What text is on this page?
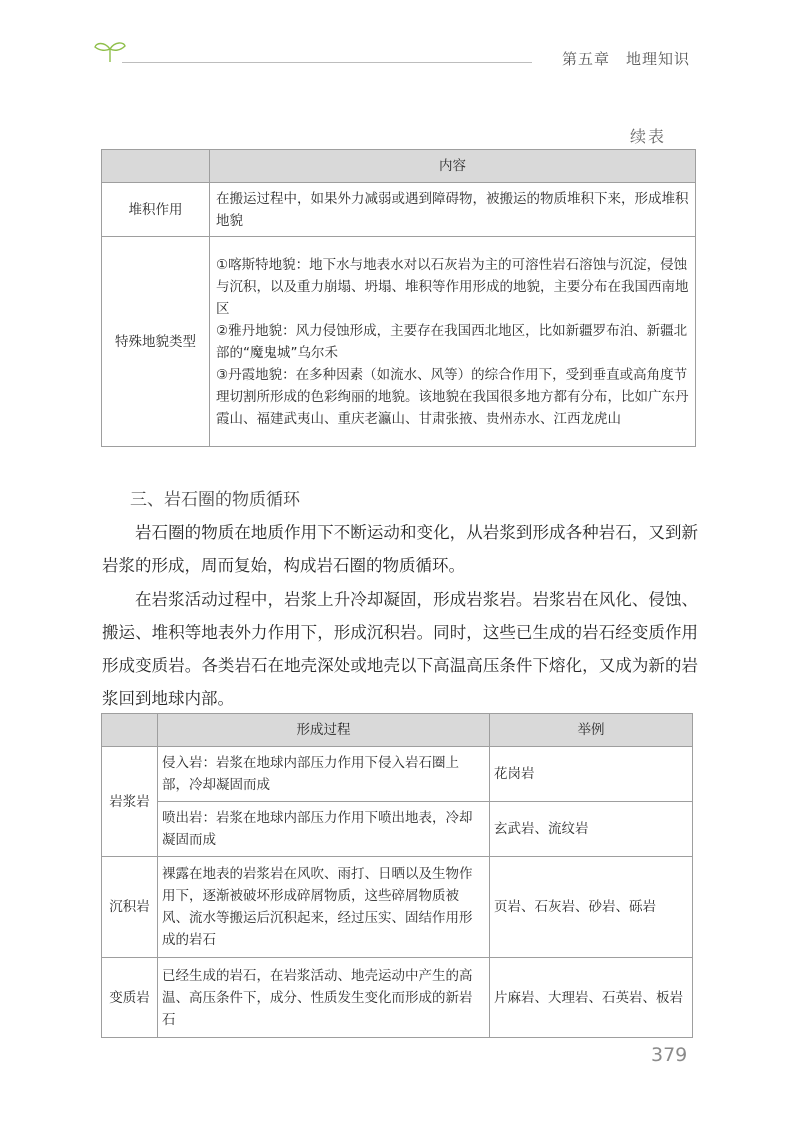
第五章　地理知识
续表
	内容
堆积作用	在搬运过程中，如果外力减弱或遇到障碍物，被搬运的物质堆积下来，形成堆积地貌

特殊地貌类型	①喀斯特地貌：地下水与地表水对以石灰岩为主的可溶性岩石溶蚀与沉淀，侵蚀与沉积，以及重力崩塌、坍塌、堆积等作用形成的地貌，主要分布在我国西南地区
②雅丹地貌：风力侵蚀形成，主要存在我国西北地区，比如新疆罗布泊、新疆北部的“魔鬼城”乌尔禾
③丹霞地貌：在多种因素（如流水、风等）的综合作用下，受到垂直或高角度节理切割所形成的色彩绚丽的地貌。该地貌在我国很多地方都有分布，比如广东丹霞山、福建武夷山、重庆老瀛山、甘肃张掖、贵州赤水、江西龙虎山
三、岩石圈的物质循环
岩石圈的物质在地质作用下不断运动和变化，从岩浆到形成各种岩石，又到新岩浆的形成，周而复始，构成岩石圈的物质循环。
在岩浆活动过程中，岩浆上升冷却凝固，形成岩浆岩。岩浆岩在风化、侵蚀、搬运、堆积等地表外力作用下，形成沉积岩。同时，这些已生成的岩石经变质作用形成变质岩。各类岩石在地壳深处或地壳以下高温高压条件下熔化，又成为新的岩浆回到地球内部。
	形成过程	举例
岩浆岩	侵入岩：岩浆在地球内部压力作用下侵入岩石圈上部，冷却凝固而成	花岗岩
	喷出岩：岩浆在地球内部压力作用下喷出地表，冷却凝固而成	玄武岩、流纹岩
沉积岩	裸露在地表的岩浆岩在风吹、雨打、日晒以及生物作用下，逐渐被破坏形成碎屑物质，这些碎屑物质被风、流水等搬运后沉积起来，经过压实、固结作用形成的岩石	页岩、石灰岩、砂岩、砾岩
变质岩	已经生成的岩石，在岩浆活动、地壳运动中产生的高温、高压条件下，成分、性质发生变化而形成的新岩石	片麻岩、大理岩、石英岩、板岩
379
